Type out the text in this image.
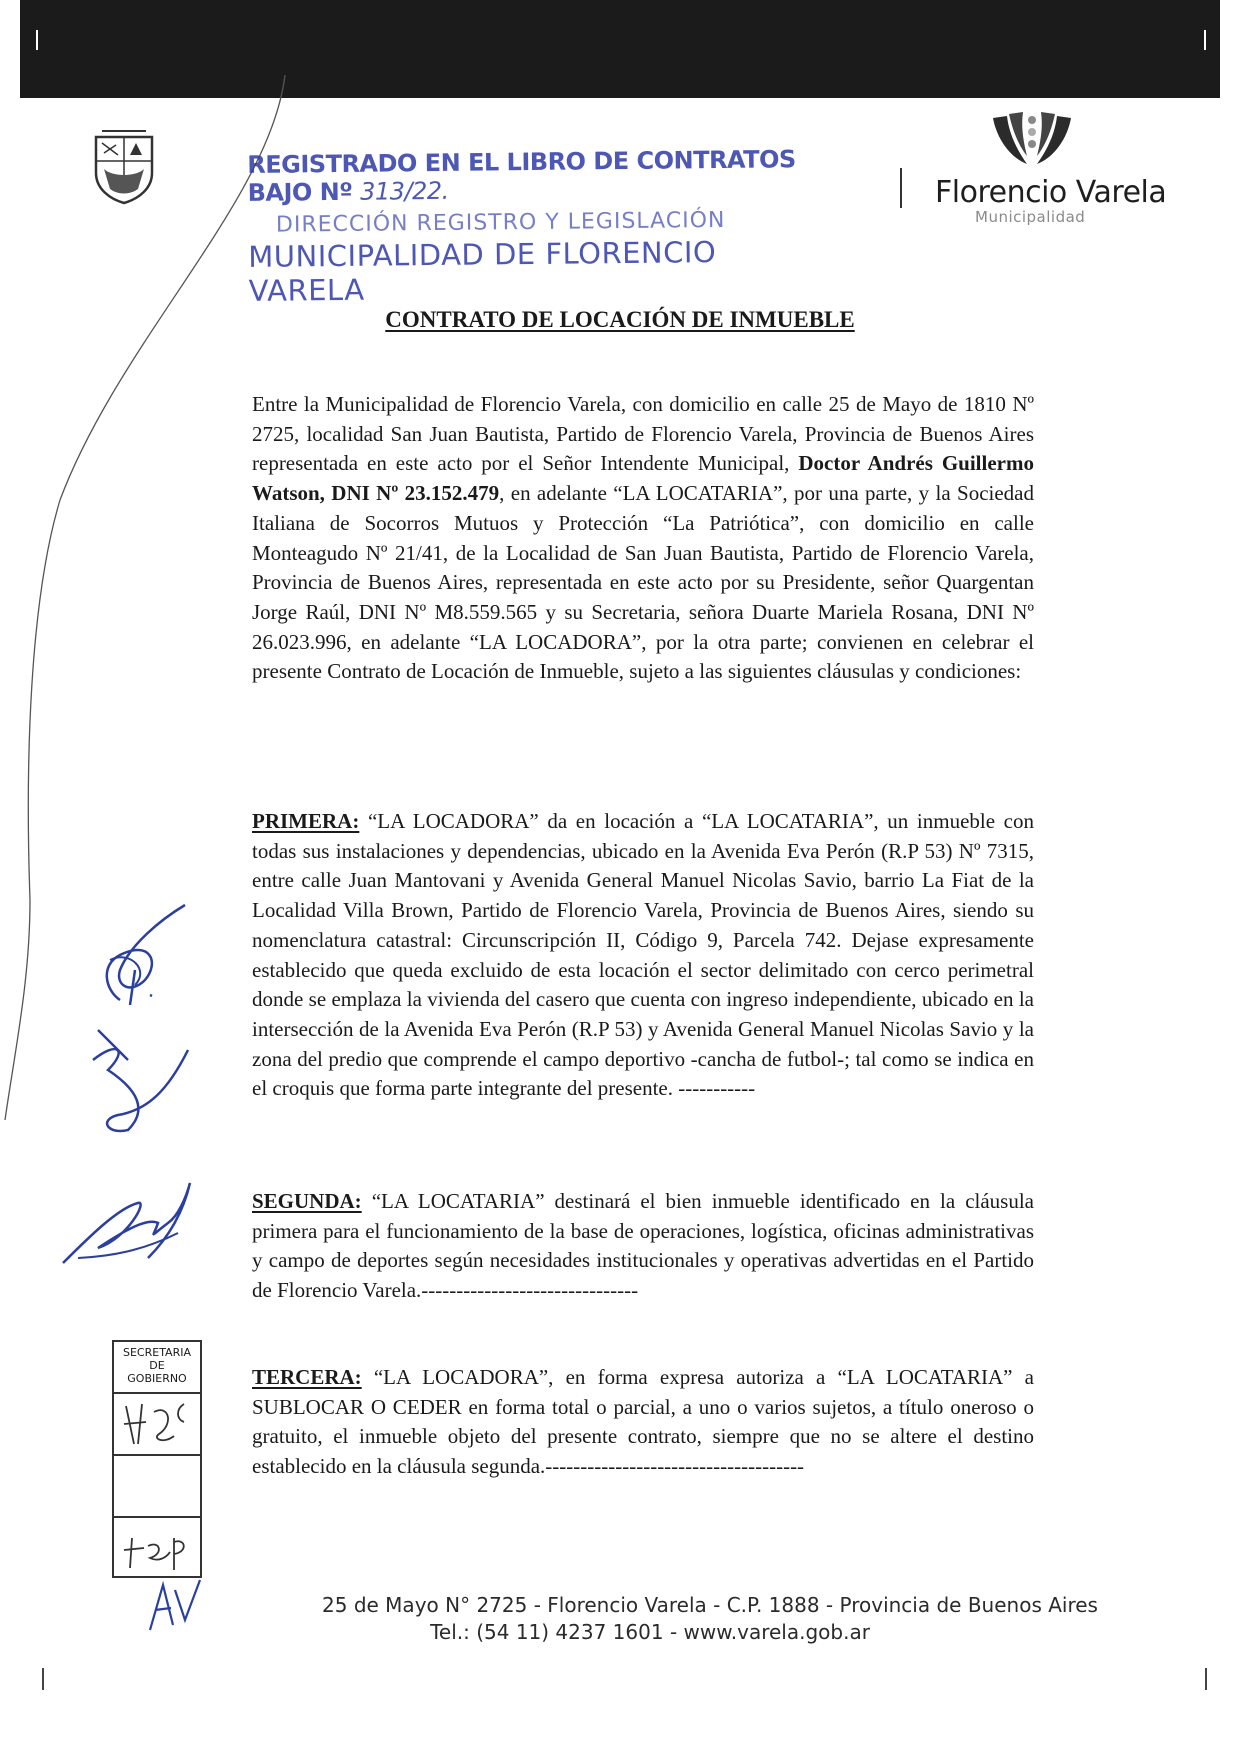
REGISTRADO EN EL LIBRO DE CONTRATOS BAJO Nº 313/22.
DIRECCIÓN REGISTRO Y LEGISLACIÓN
MUNICIPALIDAD DE FLORENCIO VARELA
Florencio Varela
Municipalidad
CONTRATO DE LOCACIÓN DE INMUEBLE
Entre la Municipalidad de Florencio Varela, con domicilio en calle 25 de Mayo de 1810 Nº 2725, localidad San Juan Bautista, Partido de Florencio Varela, Provincia de Buenos Aires representada en este acto por el Señor Intendente Municipal, Doctor Andrés Guillermo Watson, DNI Nº 23.152.479, en adelante “LA LOCATARIA”, por una parte, y la Sociedad Italiana de Socorros Mutuos y Protección “La Patriótica”, con domicilio en calle Monteagudo Nº 21/41, de la Localidad de San Juan Bautista, Partido de Florencio Varela, Provincia de Buenos Aires, representada en este acto por su Presidente, señor Quargentan Jorge Raúl, DNI Nº M8.559.565 y su Secretaria, señora Duarte Mariela Rosana, DNI Nº 26.023.996, en adelante “LA LOCADORA”, por la otra parte; convienen en celebrar el presente Contrato de Locación de Inmueble, sujeto a las siguientes cláusulas y condiciones:
PRIMERA: “LA LOCADORA” da en locación a “LA LOCATARIA”, un inmueble con todas sus instalaciones y dependencias, ubicado en la Avenida Eva Perón (R.P 53) Nº 7315, entre calle Juan Mantovani y Avenida General Manuel Nicolas Savio, barrio La Fiat de la Localidad Villa Brown, Partido de Florencio Varela, Provincia de Buenos Aires, siendo su nomenclatura catastral: Circunscripción II, Código 9, Parcela 742. Dejase expresamente establecido que queda excluido de esta locación el sector delimitado con cerco perimetral donde se emplaza la vivienda del casero que cuenta con ingreso independiente, ubicado en la intersección de la Avenida Eva Perón (R.P 53) y Avenida General Manuel Nicolas Savio y la zona del predio que comprende el campo deportivo -cancha de futbol-; tal como se indica en el croquis que forma parte integrante del presente. -----------
SEGUNDA: “LA LOCATARIA” destinará el bien inmueble identificado en la cláusula primera para el funcionamiento de la base de operaciones, logística, oficinas administrativas y campo de deportes según necesidades institucionales y operativas advertidas en el Partido de Florencio Varela.-------------------------------
TERCERA: “LA LOCADORA”, en forma expresa autoriza a “LA LOCATARIA” a SUBLOCAR O CEDER en forma total o parcial, a uno o varios sujetos, a título oneroso o gratuito, el inmueble objeto del presente contrato, siempre que no se altere el destino establecido en la cláusula segunda.-------------------------------------
SECRETARIA
DE
GOBIERNO
25 de Mayo N° 2725 - Florencio Varela - C.P. 1888 - Provincia de Buenos Aires
Tel.: (54 11) 4237 1601 - www.varela.gob.ar
